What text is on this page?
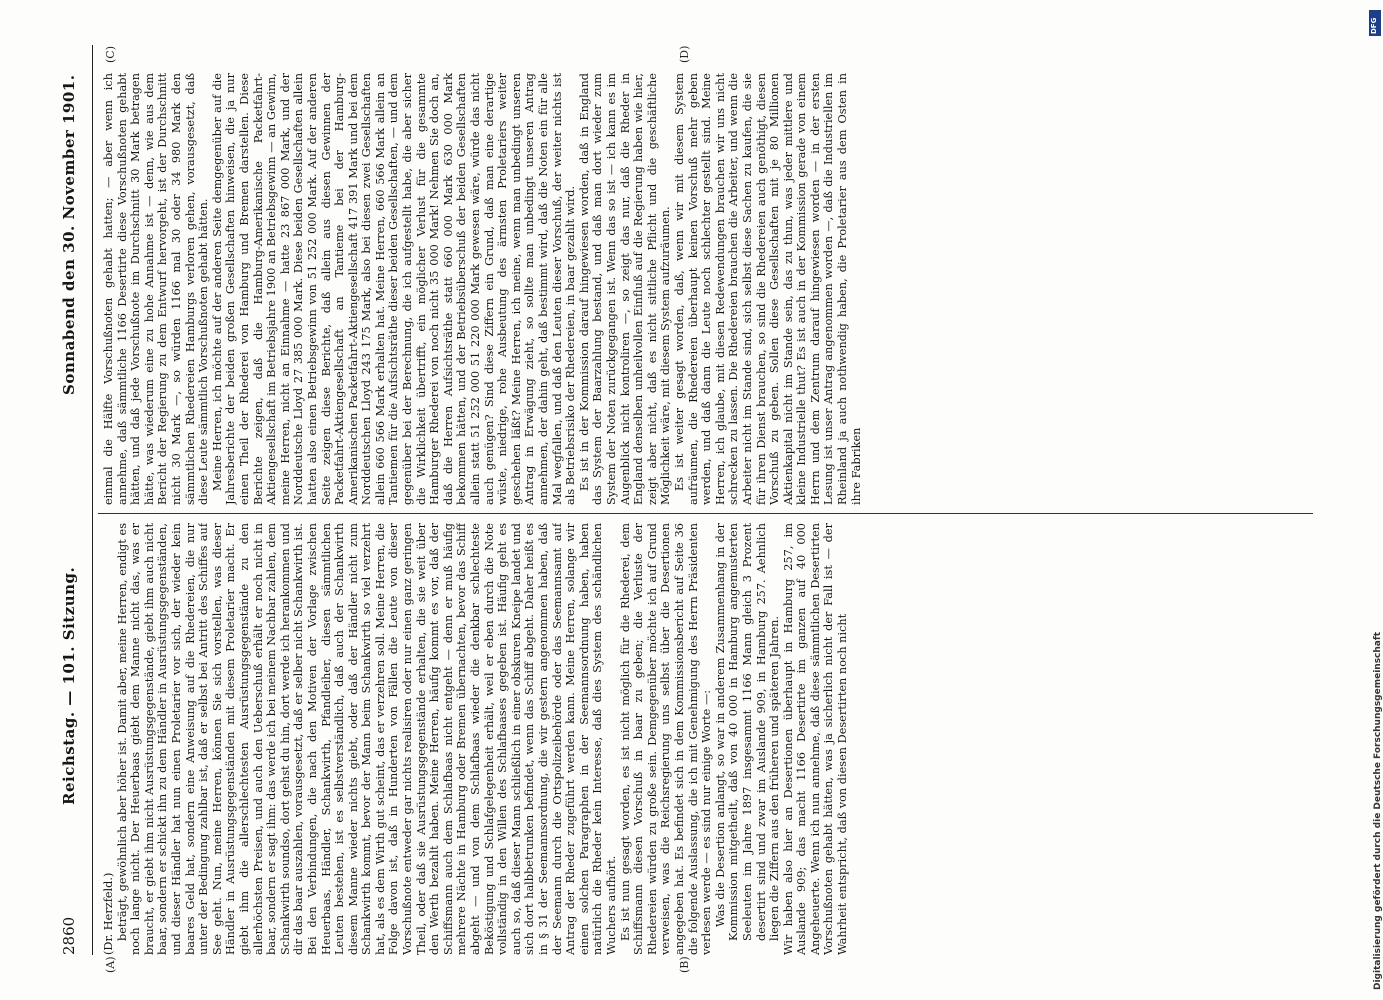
2860
Reichstag. — 101. Sitzung.
Sonnabend den 30. November 1901.
(A)	(B)
(C)	(D)

(Dr. Herzfeld.) beträgt, gewöhnlich aber höher ist. Damit aber, meine Herren, endigt es noch lange nicht. Der Heuerbaas giebt dem Manne nicht das, was er braucht, er giebt ihm nicht Ausrüstungsgegenstände, giebt ihm auch nicht baar, sondern er schickt ihn zu dem Händler in Ausrüstungsgegenständen, und dieser Händler hat nun einen Proletarier vor sich, der wieder kein baares Geld hat, sondern eine Anweisung auf die Rhedereien, die nur unter der Bedingung zahlbar ist, daß er selbst bei Antritt des Schiffes auf See geht. Nun, meine Herren, können Sie sich vorstellen, was dieser Händler in Ausrüstungsgegenständen mit diesem Proletarier macht. Er giebt ihm die allerschlechtesten Ausrüstungsgegenstände zu den allerhöchsten Preisen, und auch den Ueberschuß erhält er noch nicht in baar, sondern er sagt ihm: das werde ich bei meinem Nachbar zahlen, dem Schankwirth soundso, dort gehst du hin, dort werde ich herankommen und dir das baar auszahlen, vorausgesetzt, daß er selber nicht Schankwirth ist. Bei den Verbindungen, die nach den Motiven der Vorlage zwischen Heuerbaas, Händler, Schankwirth, Pfandleiher, diesen sämmtlichen Leuten bestehen, ist es selbstverständlich, daß auch der Schankwirth diesem Manne wieder nichts giebt, oder daß der Händler nicht zum Schankwirth kommt, bevor der Mann beim Schankwirth so viel verzehrt hat, als es dem Wirth gut scheint, das er verzehren soll. Meine Herren, die Folge davon ist, daß in Hunderten von Fällen die Leute von dieser Vorschußnote entweder gar nichts realisiren oder nur einen ganz geringen Theil, oder daß sie Ausrüstungsgegenstände erhalten, die sie weit über den Werth bezahlt haben. Meine Herren, häufig kommt es vor, daß der Schiffsmann auch dem Schlafbaas nicht entgeht — denn er muß häufig mehrere Nächte in Hamburg oder Bremen übernachten, bevor das Schiff abgeht — und von dem Schlafbaas wieder die denkbar schlechteste Beköstigung und Schlafgelegenheit erhält, weil er eben durch die Note vollständig in den Willen des Schlafbaases gegeben ist. Häufig geht es auch so, daß dieser Mann schließlich in einer obskuren Kneipe landet und sich dort halbbetrunken befindet, wenn das Schiff abgeht. Daher heißt es in § 31 der Seemannsordnung, die wir gestern angenommen haben, daß der Seemann durch die Ortspolizeibehörde oder das Seemannsamt auf Antrag der Rheder zugeführt werden kann. Meine Herren, solange wir einen solchen Paragraphen in der Seemannsordnung haben, haben natürlich die Rheder kein Interesse, daß dies System des schändlichen Wuchers aufhört. Es ist nun gesagt worden, es ist nicht möglich für die Rhederei, dem Schiffsmann diesen Vorschuß in baar zu geben; die Verluste der Rhedereien würden zu große sein. Demgegenüber möchte ich auf Grund verweisen, was die Reichsregierung uns selbst über die Desertionen angegeben hat. Es befindet sich in dem Kommissionsbericht auf Seite 36 die folgende Auslassung, die ich mit Genehmigung des Herrn Präsidenten verlesen werde — es sind nur einige Worte —: Was die Desertion anlangt, so war in anderem Zusammenhang in der Kommission mitgetheilt, daß von 40 000 in Hamburg angemusterten Seeleuten im Jahre 1897 insgesammt 1166 Mann gleich 3 Prozent desertirt sind und zwar im Auslande 909, in Hamburg 257. Aehnlich liegen die Ziffern aus den früheren und späteren Jahren. Wir haben also hier an Desertionen überhaupt in Hamburg 257, im Auslande 909; das macht 1166 Desertirte im ganzen auf 40 000 Angeheuerte. Wenn ich nun annehme, daß diese sämmtlichen Desertirten Vorschußnoten gehabt hätten, was ja sicherlich nicht der Fall ist — der Wahrheit entspricht, daß von diesen Desertirten noch nicht

einmal die Hälfte Vorschußnoten gehabt hatten; — aber wenn ich annehme, daß sämmtliche 1166 Desertirte diese Vorschußnoten gehabt hätten, und daß jede Vorschußnote im Durchschnitt 30 Mark betragen hätte, was wiederum eine zu hohe Annahme ist — denn, wie aus dem Bericht der Regierung zu dem Entwurf hervorgeht, ist der Durchschnitt nicht 30 Mark —, so würden 1166 mal 30 oder 34 980 Mark den sämmtlichen Rhedereien Hamburgs verloren gehen, vorausgesetzt, daß diese Leute sämmtlich Vorschußnoten gehabt hätten. Meine Herren, ich möchte auf der anderen Seite demgegenüber auf die Jahresberichte der beiden großen Gesellschaften hinweisen, die ja nur einen Theil der Rhederei von Hamburg und Bremen darstellen. Diese Berichte zeigen, daß die Hamburg-Amerikanische Packetfahrt-Aktiengesellschaft im Betriebsjahre 1900 an Betriebsgewinn — an Gewinn, meine Herren, nicht an Einnahme — hatte 23 867 000 Mark, und der Norddeutsche Lloyd 27 385 000 Mark. Diese beiden Gesellschaften allein hatten also einen Betriebsgewinn von 51 252 000 Mark. Auf der anderen Seite zeigen diese Berichte, daß allein aus diesen Gewinnen der Packetfahrt-Aktiengesellschaft an Tantieme bei der Hamburg-Amerikanischen Packetfahrt-Aktiengesellschaft 417 391 Mark und bei dem Norddeutschen Lloyd 243 175 Mark, also bei diesen zwei Gesellschaften allein 660 566 Mark erhalten hat. Meine Herren, 660 566 Mark allein an Tantiemen für die Aufsichtsräthe dieser beiden Gesellschaften, — und dem gegenüber bei der Berechnung, die ich aufgestellt habe, die aber sicher die Wirklichkeit übertrifft, ein möglicher Verlust für die gesammte Hamburger Rhederei von noch nicht 35 000 Mark! Nehmen Sie doch an, daß die Herren Aufsichtsräthe statt 660 000 Mark 630 000 Mark bekommen hätten, und der Betriebsüberschuß der beiden Gesellschaften allein statt 51 252 000 51 220 000 Mark gewesen wäre, würde das nicht auch genügen? Sind diese Ziffern ein Grund, daß man eine derartige wüste, niedrige, rohe Ausbeutung des ärmsten Proletariers weiter geschehen läßt? Meine Herren, ich meine, wenn man unbedingt unseren Antrag in Erwägung zieht, so sollte man unbedingt unseren Antrag annehmen, der dahin geht, daß bestimmt wird, daß die Noten ein für alle Mal wegfallen, und daß den Leuten dieser Vorschuß, der weiter nichts ist als Betriebsrisiko der Rhedereien, in baar gezahlt wird. Es ist in der Kommission darauf hingewiesen worden, daß in England das System der Baarzahlung bestand, und daß man dort wieder zum System der Noten zurückgegangen ist. Wenn das so ist — ich kann es im Augenblick nicht kontroliren —, so zeigt das nur, daß die Rheder in England denselben unheilvollen Einfluß auf die Regierung haben wie hier, zeigt aber nicht, daß es nicht sittliche Pflicht und die geschäftliche Möglichkeit wäre, mit diesem System aufzuräumen. Es ist weiter gesagt worden, daß, wenn wir mit diesem System aufräumen, die Rhedereien überhaupt keinen Vorschuß mehr geben werden, und daß dann die Leute noch schlechter gestellt sind. Meine Herren, ich glaube, mit diesen Redewendungen brauchen wir uns nicht schrecken zu lassen. Die Rhedereien brauchen die Arbeiter, und wenn die Arbeiter nicht im Stande sind, sich selbst diese Sachen zu kaufen, die sie für ihren Dienst brauchen, so sind die Rhedereien auch genöthigt, diesen Vorschuß zu geben. Sollen diese Gesellschaften mit je 80 Millionen Aktienkapital nicht im Stande sein, das zu thun, was jeder mittlere und kleine Industrielle thut? Es ist auch in der Kommission gerade von einem Herrn und dem Zentrum darauf hingewiesen worden — in der ersten Lesung ist unser Antrag angenommen worden —, daß die Industriellen im Rheinland ja auch nothwendig haben, die Proletarier aus dem Osten in ihre Fabriken

DFG
Digitalisierung gefördert durch die Deutsche Forschungsgemeinschaft
